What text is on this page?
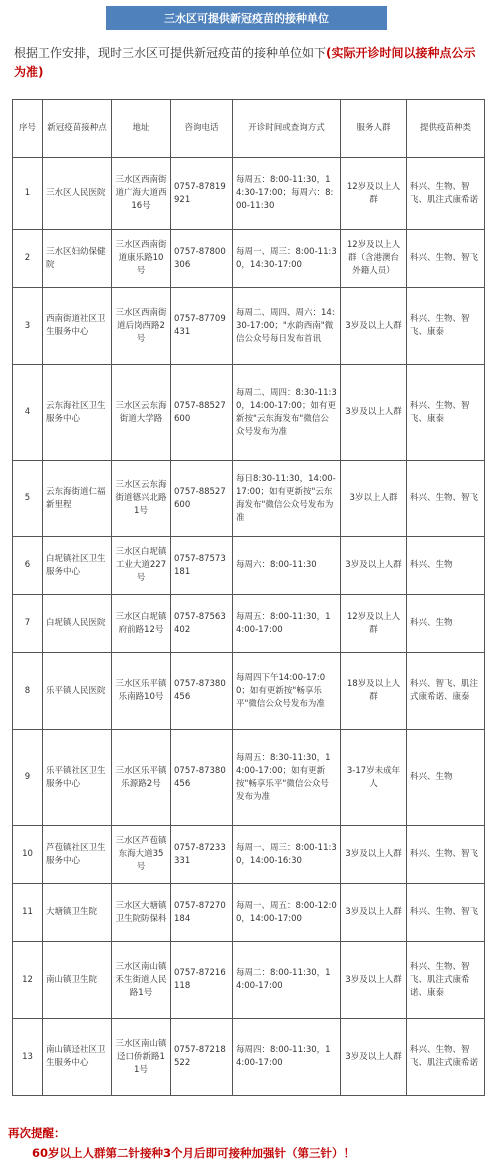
三水区可提供新冠疫苗的接种单位
根据工作安排，现时三水区可提供新冠疫苗的接种单位如下(实际开诊时间以接种点公示为准)
序号	新冠疫苗接种点	地址	咨询电话	开诊时间或查询方式	服务人群	提供疫苗种类
1	三水区人民医院	三水区西南街道广海大道西16号	0757-87819921	每周五：8:00-11:30，14:30-17:00；每周六：8:00-11:30	12岁及以上人群	科兴、生物、智飞、肌注式康希诺
2	三水区妇幼保健院	三水区西南街道康乐路10号	0757-87800306	每周一、周三：8:00-11:30，14:30-17:00	12岁及以上人群（含港澳台外籍人员）	科兴、生物、智飞
3	西南街道社区卫生服务中心	三水区西南街道后岗西路2号	0757-87709431	每周二、周四、周六：14:30-17:00；"水韵西南"微信公众号每日发布首讯	3岁及以上人群	科兴、生物、智飞、康泰
4	云东海社区卫生服务中心	三水区云东海街道大学路	0757-88527600	每周二、周四：8:30-11:30，14:00-17:00；如有更新按"云东海发布"微信公众号发布为准	3岁及以上人群	科兴、生物、智飞、康泰
5	云东海街道仁福新里程	三水区云东海街道德兴北路1号	0757-88527600	每日8:30-11:30，14:00-17:00；如有更新按"云东海发布"微信公众号发布为准	3岁以上人群	科兴、生物、智飞
6	白坭镇社区卫生服务中心	三水区白坭镇工业大道227号	0757-87573181	每周六：8:00-11:30	3岁及以上人群	科兴、生物
7	白坭镇人民医院	三水区白坭镇府前路12号	0757-87563402	每周五：8:00-11:30，14:00-17:00	12岁及以上人群	科兴、生物
8	乐平镇人民医院	三水区乐平镇乐南路10号	0757-87380456	每周四下午14:00-17:00；如有更新按"畅享乐平"微信公众号发布为准	18岁及以上人群	科兴、智飞、肌注式康希诺、康泰
9	乐平镇社区卫生服务中心	三水区乐平镇乐源路2号	0757-87380456	每周五：8:30-11:30，14:00-17:00；如有更新按"畅享乐平"微信公众号发布为准	3-17岁未成年人	科兴、生物
10	芦苞镇社区卫生服务中心	三水区芦苞镇东海大道35号	0757-87233331	每周一、周三：8:00-11:30，14:00-16:30	3岁及以上人群	科兴、生物、智飞
11	大塘镇卫生院	三水区大塘镇卫生院防保科	0757-87270184	每周一、周五：8:00-12:00，14:00-17:00	3岁及以上人群	科兴、生物、智飞
12	南山镇卫生院	三水区南山镇禾生街道人民路1号	0757-87216118	每周二：8:00-11:30，14:00-17:00	3岁及以上人群	科兴、生物、智飞、肌注式康希诺、康泰
13	南山镇迳社区卫生服务中心	三水区南山镇迳口侨新路11号	0757-87218522	每周四：8:00-11:30，14:00-17:00	3岁及以上人群	科兴、生物、智飞、肌注式康希诺
再次提醒：
60岁以上人群第二针接种3个月后即可接种加强针（第三针）！
